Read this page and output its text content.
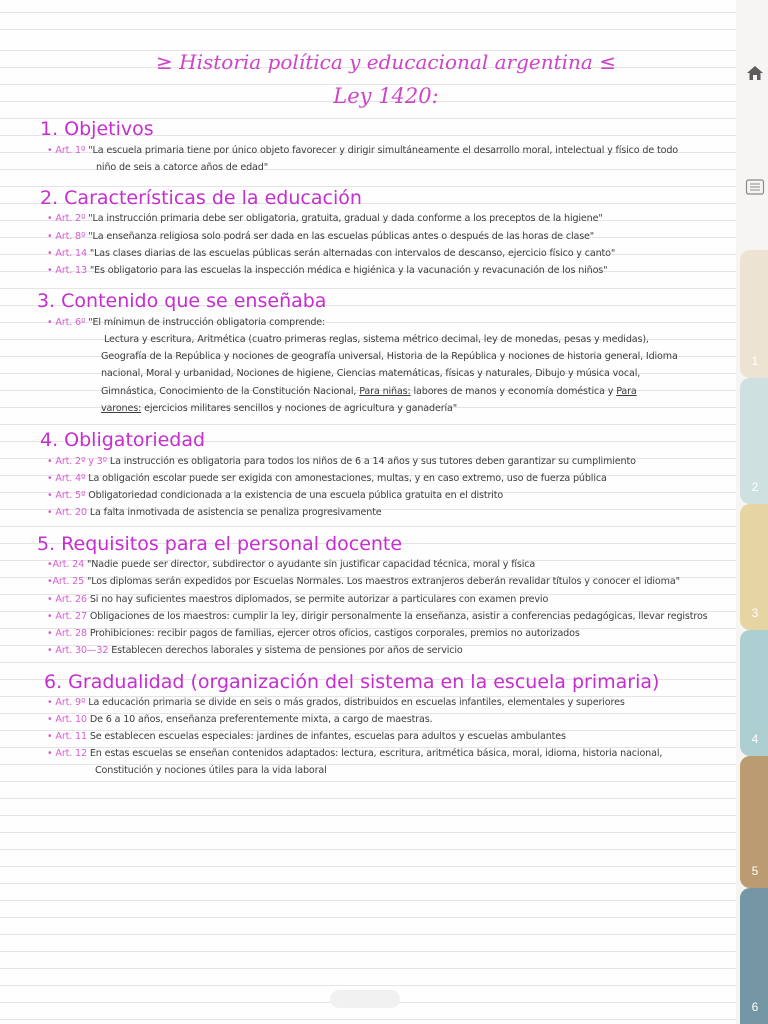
≥ Historia política y educacional argentina ≤
Ley 1420:
1. Objetivos
2. Características de la educación
3. Contenido que se enseñaba
4. Obligatoriedad
5. Requisitos para el personal docente
6. Gradualidad (organización del sistema en la escuela primaria)
• Art. 1º "La escuela primaria tiene por único objeto favorecer y dirigir simultáneamente el desarrollo moral, intelectual y físico de todo
niño de seis a catorce años de edad"
• Art. 2º "La instrucción primaria debe ser obligatoria, gratuita, gradual y dada conforme a los preceptos de la higiene"
• Art. 8º "La enseñanza religiosa solo podrá ser dada en las escuelas públicas antes o después de las horas de clase"
• Art. 14 "Las clases diarias de las escuelas públicas serán alternadas con intervalos de descanso, ejercicio físico y canto"
• Art. 13 "Es obligatorio para las escuelas la inspección médica e higiénica y la vacunación y revacunación de los niños"
• Art. 6º "El mínimun de instrucción obligatoria comprende:
Lectura y escritura, Aritmética (cuatro primeras reglas, sistema métrico decimal, ley de monedas, pesas y medidas),
Geografía de la República y nociones de geografía universal, Historia de la República y nociones de historia general, Idioma
nacional, Moral y urbanidad, Nociones de higiene, Ciencias matemáticas, físicas y naturales, Dibujo y música vocal,
Gimnástica, Conocimiento de la Constitución Nacional, Para niñas: labores de manos y economía doméstica y Para
varones: ejercicios militares sencillos y nociones de agricultura y ganadería"
• Art. 2º y 3º La instrucción es obligatoria para todos los niños de 6 a 14 años y sus tutores deben garantizar su cumplimiento
• Art. 4º La obligación escolar puede ser exigida con amonestaciones, multas, y en caso extremo, uso de fuerza pública
• Art. 5º Obligatoriedad condicionada a la existencia de una escuela pública gratuita en el distrito
• Art. 20 La falta inmotivada de asistencia se penaliza progresivamente
•Art. 24 "Nadie puede ser director, subdirector o ayudante sin justificar capacidad técnica, moral y física
•Art. 25 "Los diplomas serán expedidos por Escuelas Normales. Los maestros extranjeros deberán revalidar títulos y conocer el idioma"
• Art. 26 Si no hay suficientes maestros diplomados, se permite autorizar a particulares con examen previo
• Art. 27 Obligaciones de los maestros: cumplir la ley, dirigir personalmente la enseñanza, asistir a conferencias pedagógicas, llevar registros
• Art. 28 Prohibiciones: recibir pagos de familias, ejercer otros oficios, castigos corporales, premios no autorizados
• Art. 30—32 Establecen derechos laborales y sistema de pensiones por años de servicio
• Art. 9º La educación primaria se divide en seis o más grados, distribuidos en escuelas infantiles, elementales y superiores
• Art. 10 De 6 a 10 años, enseñanza preferentemente mixta, a cargo de maestras.
• Art. 11 Se establecen escuelas especiales: jardines de infantes, escuelas para adultos y escuelas ambulantes
• Art. 12 En estas escuelas se enseñan contenidos adaptados: lectura, escritura, aritmética básica, moral, idioma, historia nacional,
Constitución y nociones útiles para la vida laboral
1
2
3
4
5
6
